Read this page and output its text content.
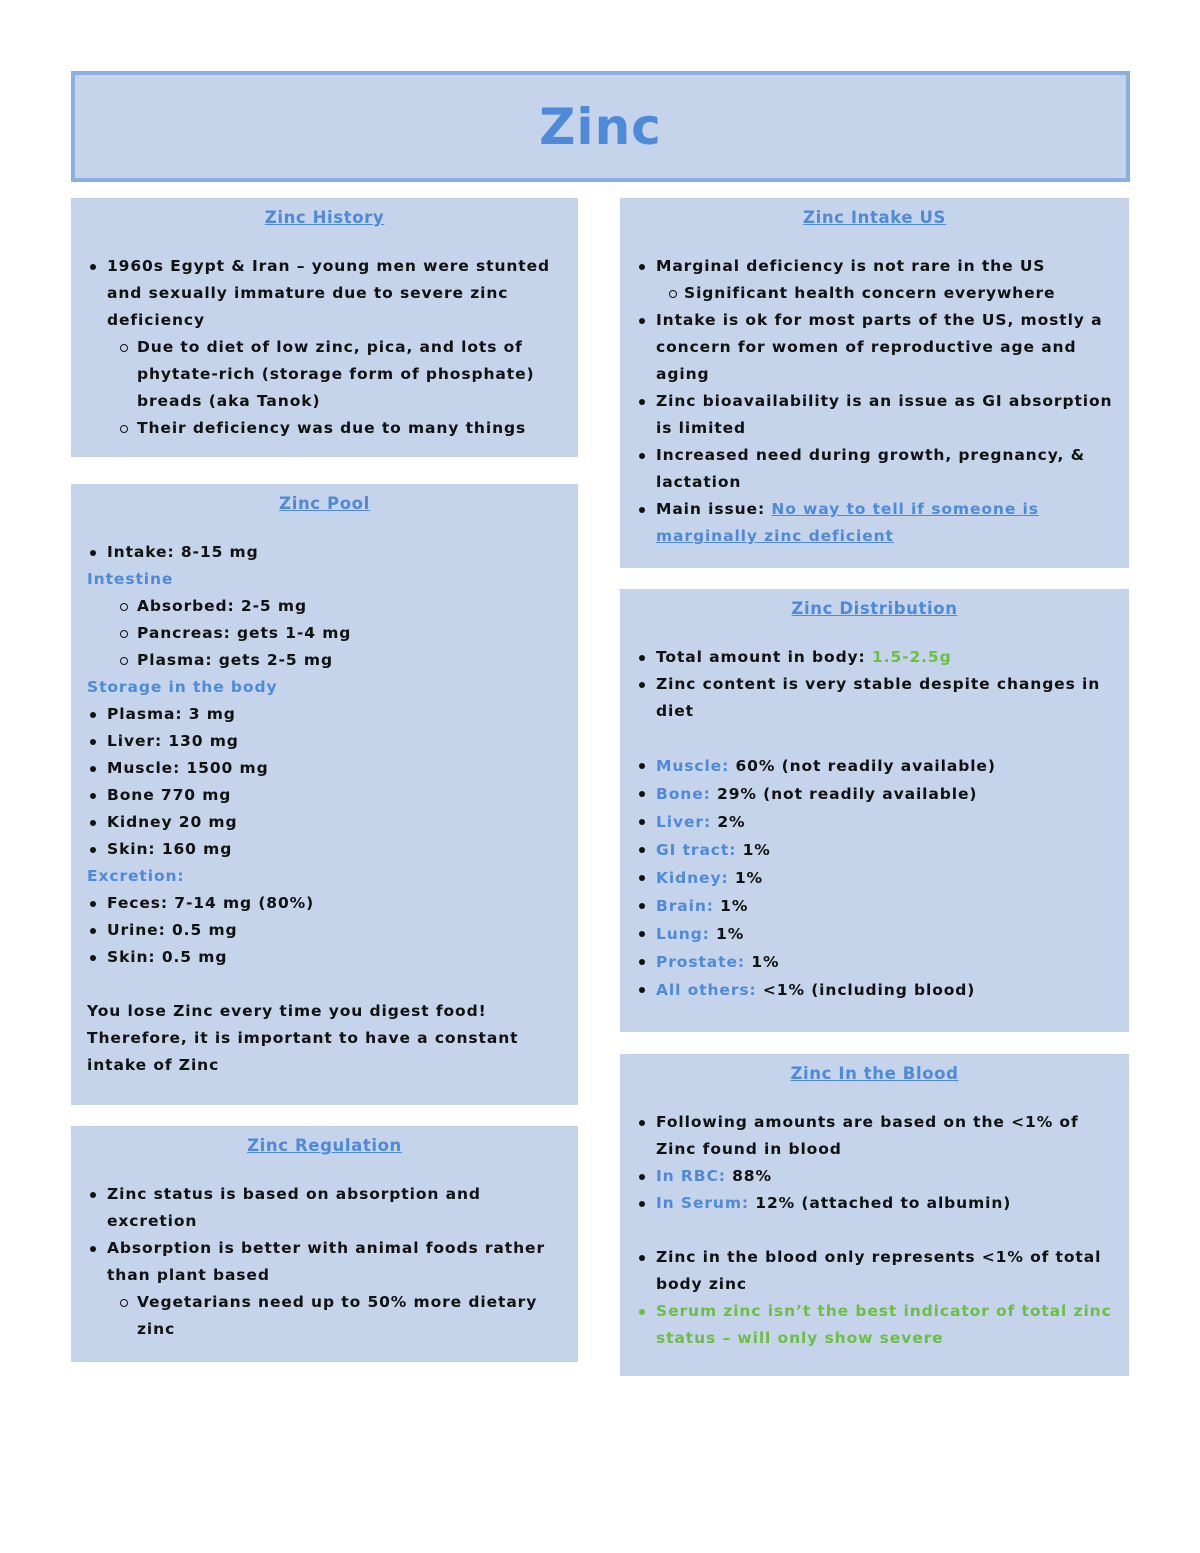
Zinc
Zinc History
1960s Egypt & Iran – young men were stunted and sexually immature due to severe zinc deficiency
Due to diet of low zinc, pica, and lots of phytate-rich (storage form of phosphate) breads (aka Tanok)
Their deficiency was due to many things
Zinc Pool
Intake: 8-15 mg
Intestine
Absorbed: 2-5 mg
Pancreas: gets 1-4 mg
Plasma: gets 2-5 mg
Storage in the body
Plasma: 3 mg
Liver: 130 mg
Muscle: 1500 mg
Bone 770 mg
Kidney 20 mg
Skin: 160 mg
Excretion:
Feces: 7-14 mg (80%)
Urine: 0.5 mg
Skin: 0.5 mg
You lose Zinc every time you digest food! Therefore, it is important to have a constant intake of Zinc
Zinc Regulation
Zinc status is based on absorption and excretion
Absorption is better with animal foods rather than plant based
Vegetarians need up to 50% more dietary zinc
Zinc Intake US
Marginal deficiency is not rare in the US
Significant health concern everywhere
Intake is ok for most parts of the US, mostly a concern for women of reproductive age and aging
Zinc bioavailability is an issue as GI absorption is limited
Increased need during growth, pregnancy, & lactation
Main issue: No way to tell if someone is marginally zinc deficient
Zinc Distribution
Total amount in body: 1.5-2.5g
Zinc content is very stable despite changes in diet
Muscle: 60% (not readily available)
Bone: 29% (not readily available)
Liver: 2%
GI tract: 1%
Kidney: 1%
Brain: 1%
Lung: 1%
Prostate: 1%
All others: <1% (including blood)
Zinc In the Blood
Following amounts are based on the <1% of Zinc found in blood
In RBC: 88%
In Serum: 12% (attached to albumin)
Zinc in the blood only represents <1% of total body zinc
Serum zinc isn’t the best indicator of total zinc status – will only show severe
